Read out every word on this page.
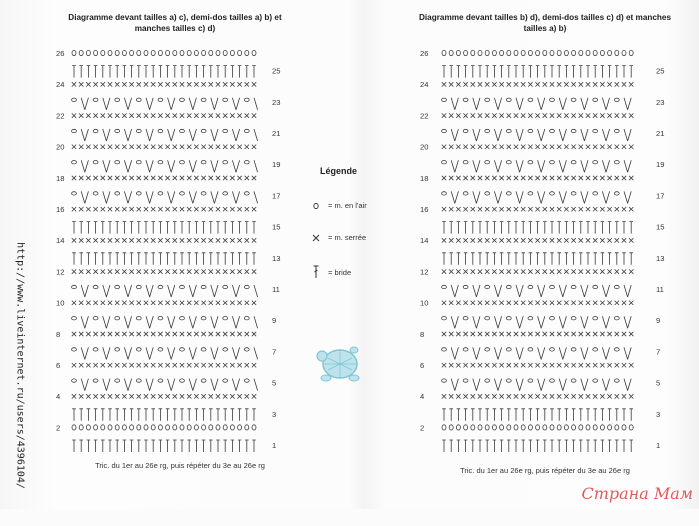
Diagramme devant tailles a) c), demi-dos tailles a) b) et manches tailles c) d)
Diagramme devant tailles b) d), demi-dos tailles c) d) et manches tailles a) b)
26
24
22
20
18
16
14
12
10
8
6
4
2
25
23
21
19
17
15
13
11
9
7
5
3
1
26
24
22
20
18
16
14
12
10
8
6
4
2
25
23
21
19
17
15
13
11
9
7
5
3
1
Tric. du 1er au 26e rg, puis répéter du 3e au 26e rg
Tric. du 1er au 26e rg, puis répéter du 3e au 26e rg
Légende
= m. en l'air
= m. serrée
= bride
http://www.liveinternet.ru/users/4396104/
Страна Мам
